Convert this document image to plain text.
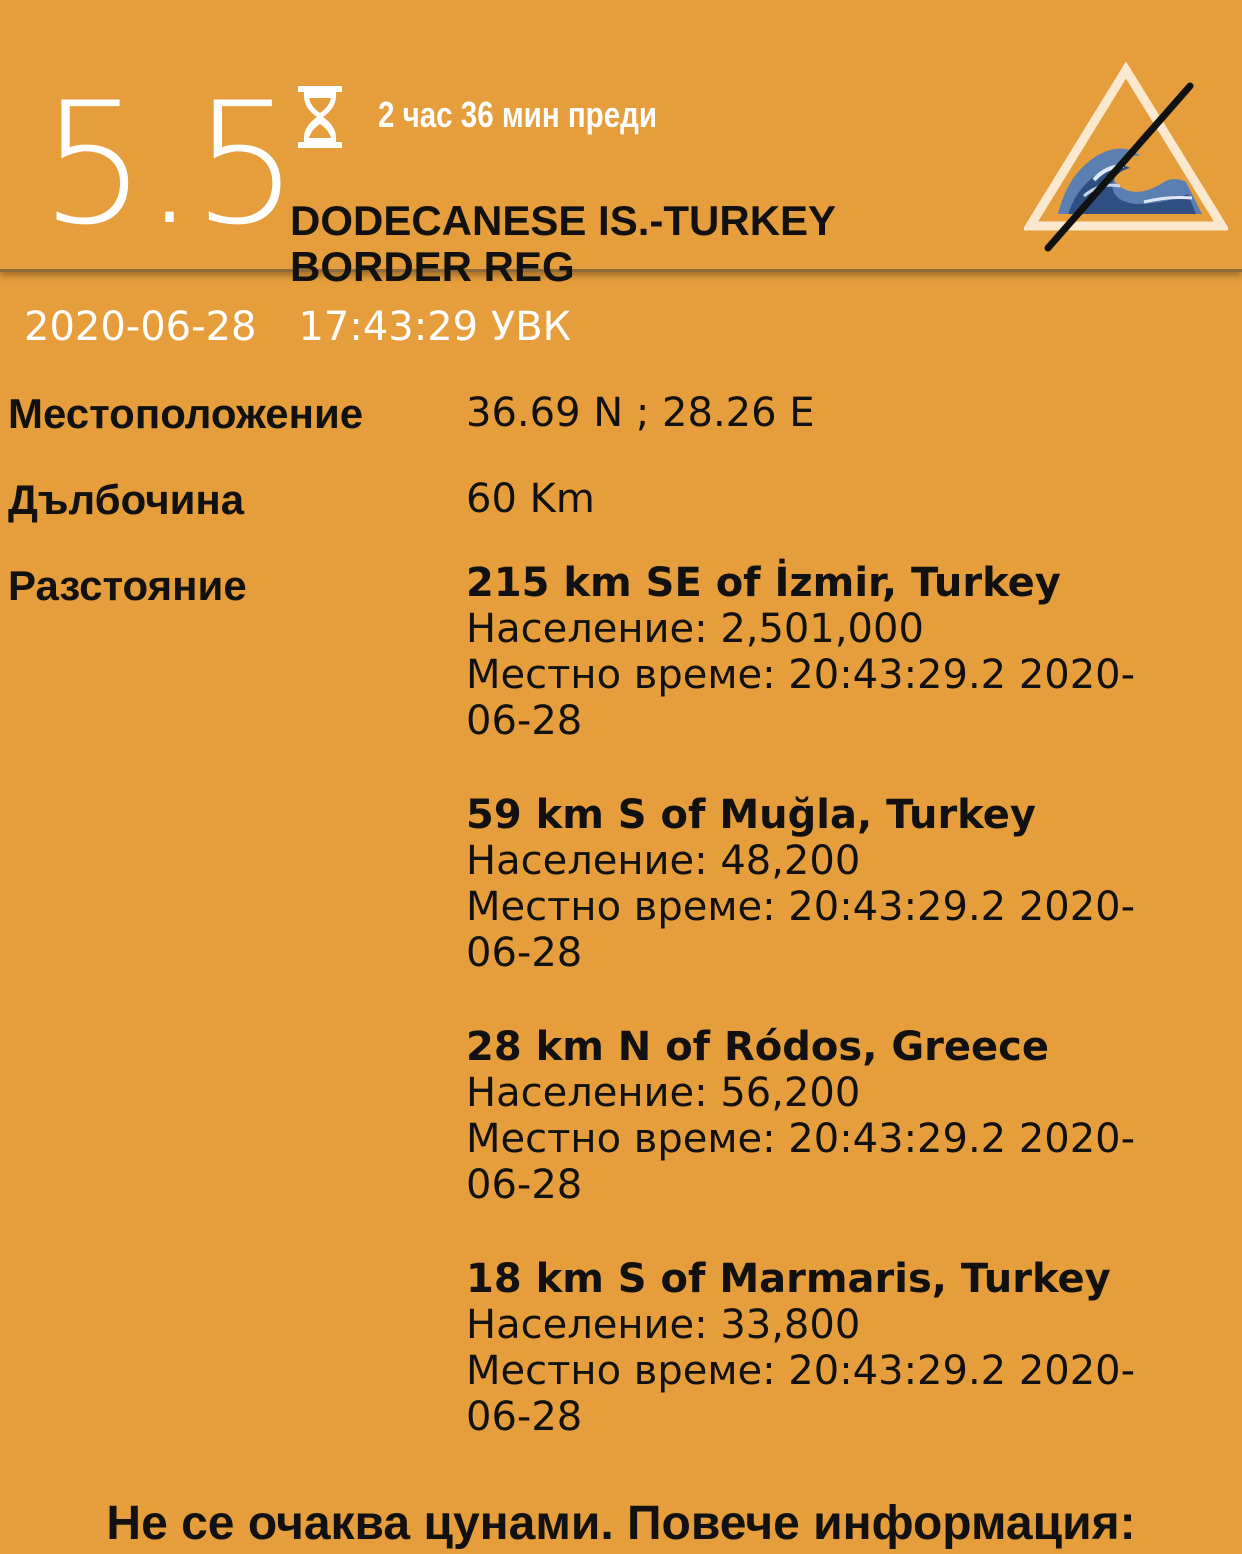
5.5 2 час 36 мин преди
DODECANESE IS.-TURKEY BORDER REG
2020-06-28 17:43:29 УВК
Местоположение	36.69 N ; 28.26 E
Дълбочина	60 Km
Разстояние	215 km SE of İzmir, Turkey
Население: 2,501,000
Местно време: 20:43:29.2 2020-
06-28
59 km S of Muğla, Turkey
Население: 48,200
Местно време: 20:43:29.2 2020-
06-28
28 km N of Ródos, Greece
Население: 56,200
Местно време: 20:43:29.2 2020-
06-28
18 km S of Marmaris, Turkey
Население: 33,800
Местно време: 20:43:29.2 2020-
06-28
Не се очаква цунами. Повече информация:
